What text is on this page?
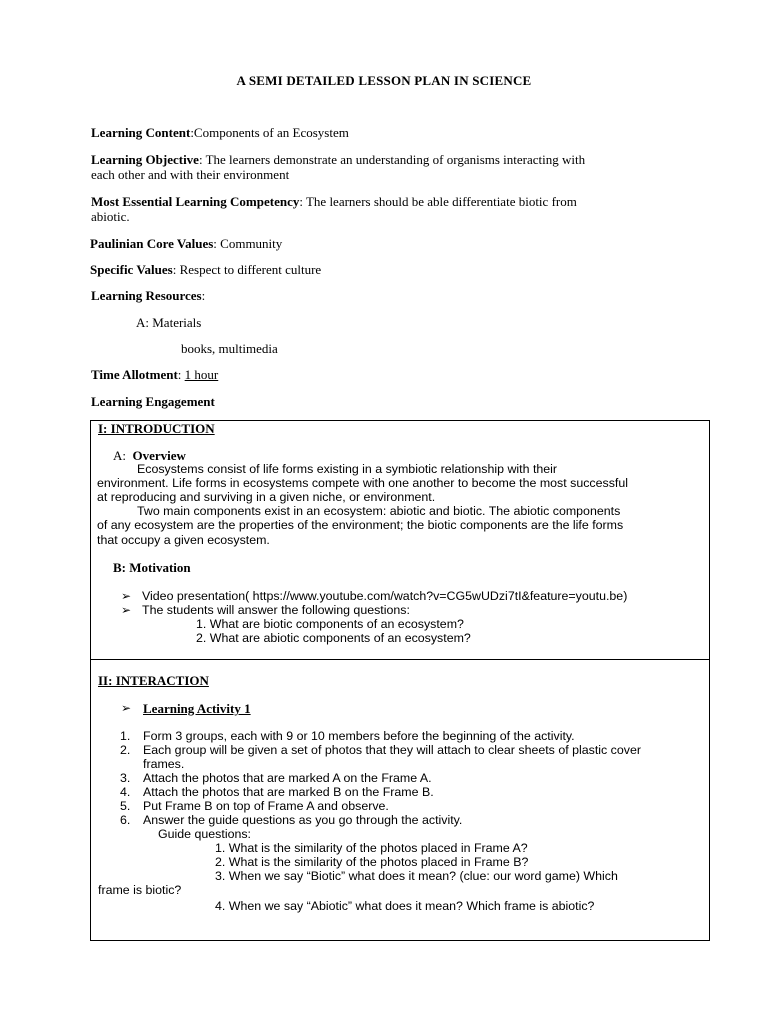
A SEMI DETAILED LESSON PLAN IN SCIENCE
Learning Content:Components of an Ecosystem
Learning Objective: The learners demonstrate an understanding of organisms interacting with
each other and with their environment
Most Essential Learning Competency: The learners should be able differentiate biotic from
abiotic.
Paulinian Core Values: Community
Specific Values: Respect to different culture
Learning Resources:
A: Materials
books, multimedia
Time Allotment: 1 hour
Learning Engagement
I: INTRODUCTION
A: Overview
Ecosystems consist of life forms existing in a symbiotic relationship with their
environment. Life forms in ecosystems compete with one another to become the most successful
at reproducing and surviving in a given niche, or environment.
Two main components exist in an ecosystem: abiotic and biotic. The abiotic components
of any ecosystem are the properties of the environment; the biotic components are the life forms
that occupy a given ecosystem.
B: Motivation
➢ Video presentation( https://www.youtube.com/watch?v=CG5wUDzi7tI&feature=youtu.be)
➢ The students will answer the following questions:
1. What are biotic components of an ecosystem?
2. What are abiotic components of an ecosystem?
II: INTERACTION
➢ Learning Activity 1
1. Form 3 groups, each with 9 or 10 members before the beginning of the activity.
2. Each group will be given a set of photos that they will attach to clear sheets of plastic cover
frames.
3. Attach the photos that are marked A on the Frame A.
4. Attach the photos that are marked B on the Frame B.
5. Put Frame B on top of Frame A and observe.
6. Answer the guide questions as you go through the activity.
Guide questions:
1. What is the similarity of the photos placed in Frame A?
2. What is the similarity of the photos placed in Frame B?
3. When we say “Biotic” what does it mean? (clue: our word game) Which
frame is biotic?
4. When we say “Abiotic” what does it mean? Which frame is abiotic?
